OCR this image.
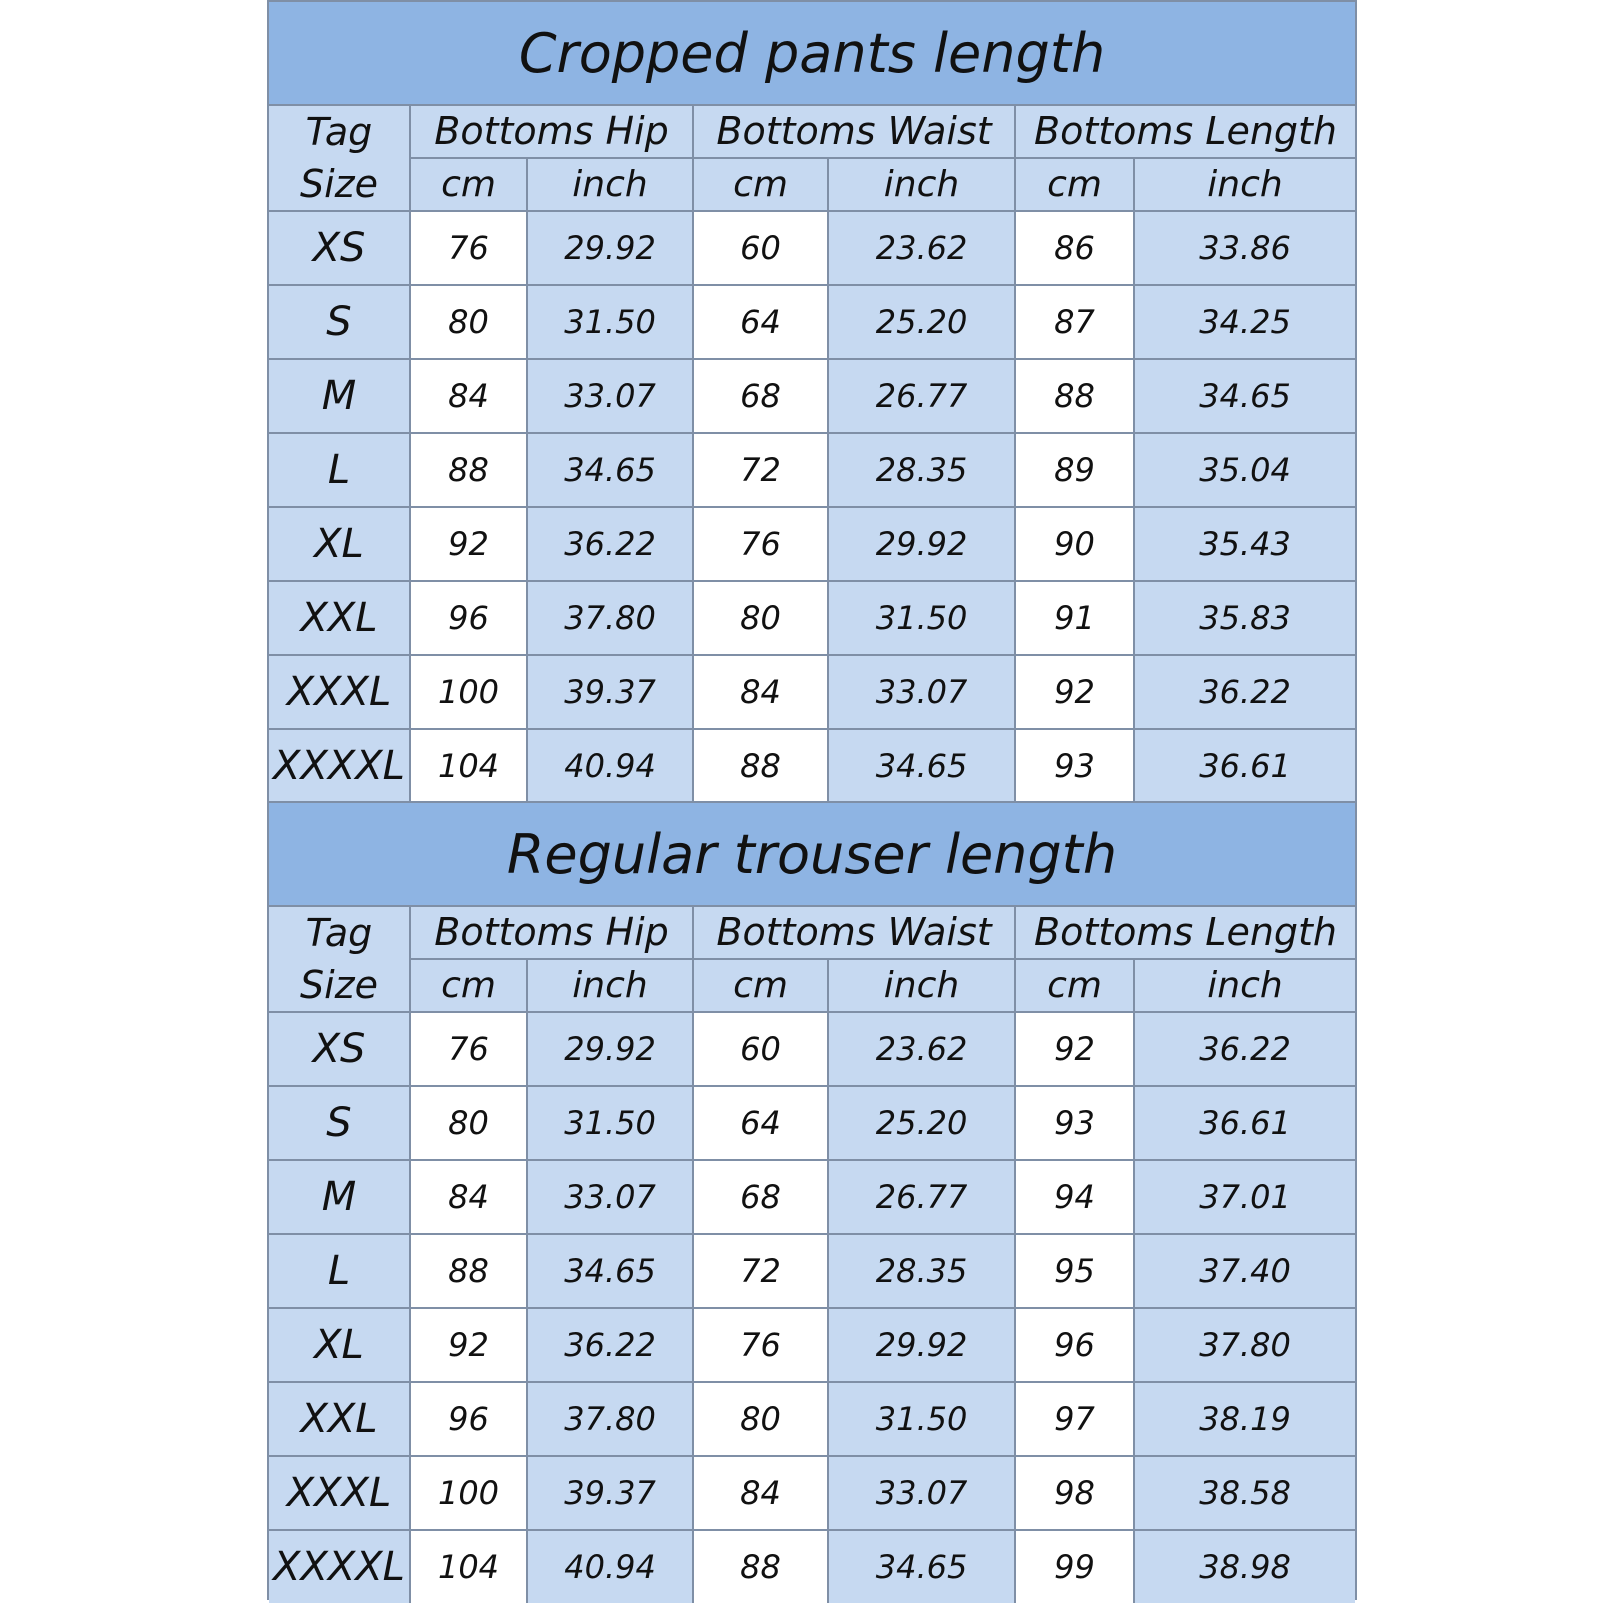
Cropped pants length
Tag Size	Bottoms Hip		Bottoms Waist		Bottoms Length	
	cm	inch	cm	inch	cm	inch
XS	76	29.92	60	23.62	86	33.86
S	80	31.50	64	25.20	87	34.25
M	84	33.07	68	26.77	88	34.65
L	88	34.65	72	28.35	89	35.04
XL	92	36.22	76	29.92	90	35.43
XXL	96	37.80	80	31.50	91	35.83
XXXL	100	39.37	84	33.07	92	36.22
XXXXL	104	40.94	88	34.65	93	36.61
Regular trouser length
Tag Size	Bottoms Hip		Bottoms Waist		Bottoms Length	
	cm	inch	cm	inch	cm	inch
XS	76	29.92	60	23.62	92	36.22
S	80	31.50	64	25.20	93	36.61
M	84	33.07	68	26.77	94	37.01
L	88	34.65	72	28.35	95	37.40
XL	92	36.22	76	29.92	96	37.80
XXL	96	37.80	80	31.50	97	38.19
XXXL	100	39.37	84	33.07	98	38.58
XXXXL	104	40.94	88	34.65	99	38.98
